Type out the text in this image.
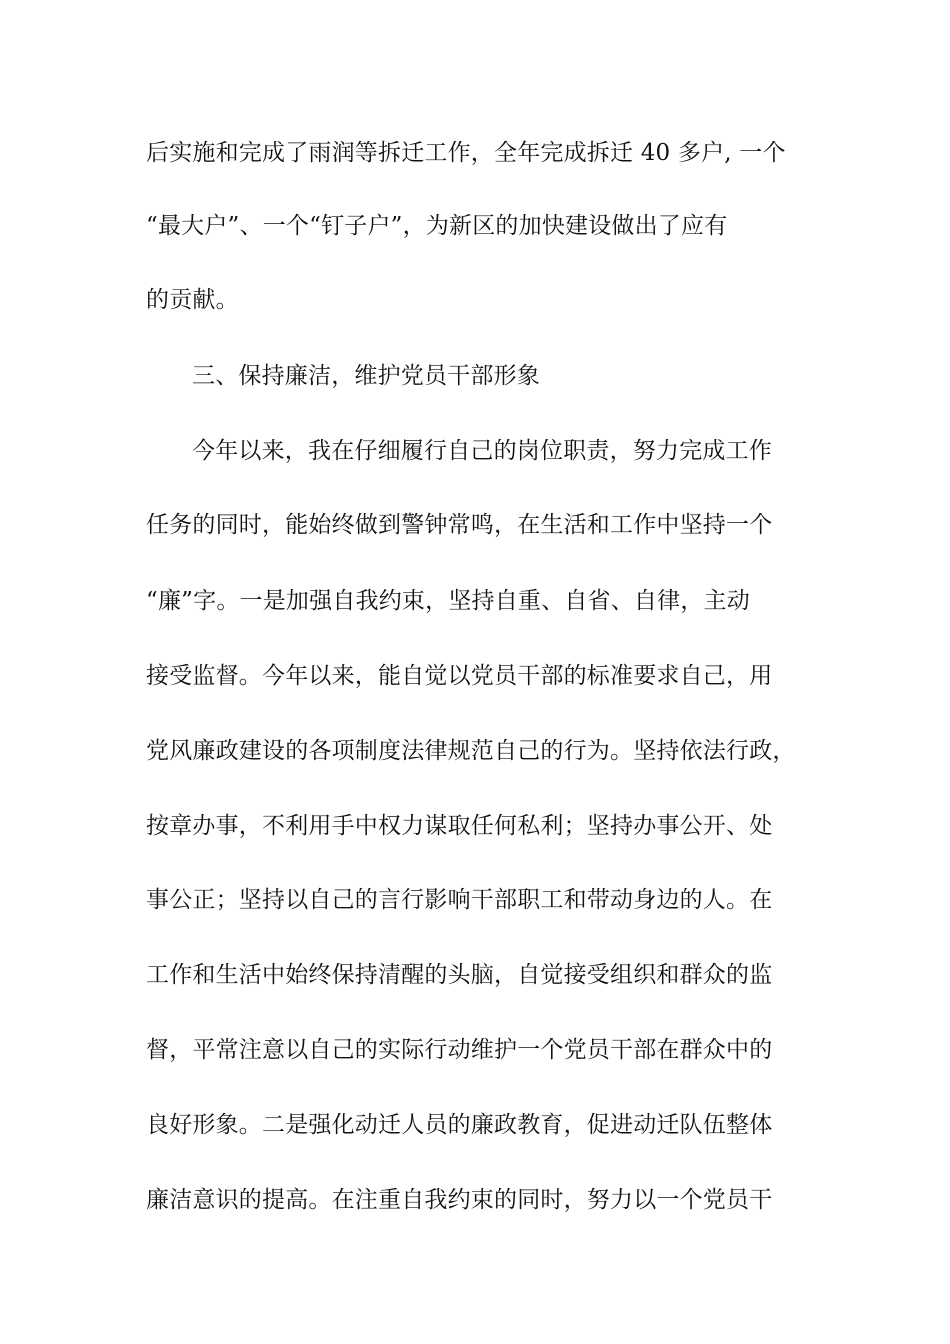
后实施和完成了雨润等拆迁工作，全年完成拆迁 40 多户, 一个
“最大户”、一个“钉子户”，为新区的加快建设做出了应有
的贡献。
三、保持廉洁，维护党员干部形象
今年以来，我在仔细履行自己的岗位职责，努力完成工作
任务的同时，能始终做到警钟常鸣，在生活和工作中坚持一个
“廉”字。一是加强自我约束，坚持自重、自省、自律，主动
接受监督。今年以来，能自觉以党员干部的标准要求自己，用
党风廉政建设的各项制度法律规范自己的行为。坚持依法行政，
按章办事，不利用手中权力谋取任何私利；坚持办事公开、处
事公正；坚持以自己的言行影响干部职工和带动身边的人。在
工作和生活中始终保持清醒的头脑，自觉接受组织和群众的监
督，平常注意以自己的实际行动维护一个党员干部在群众中的
良好形象。二是强化动迁人员的廉政教育，促进动迁队伍整体
廉洁意识的提高。在注重自我约束的同时，努力以一个党员干
